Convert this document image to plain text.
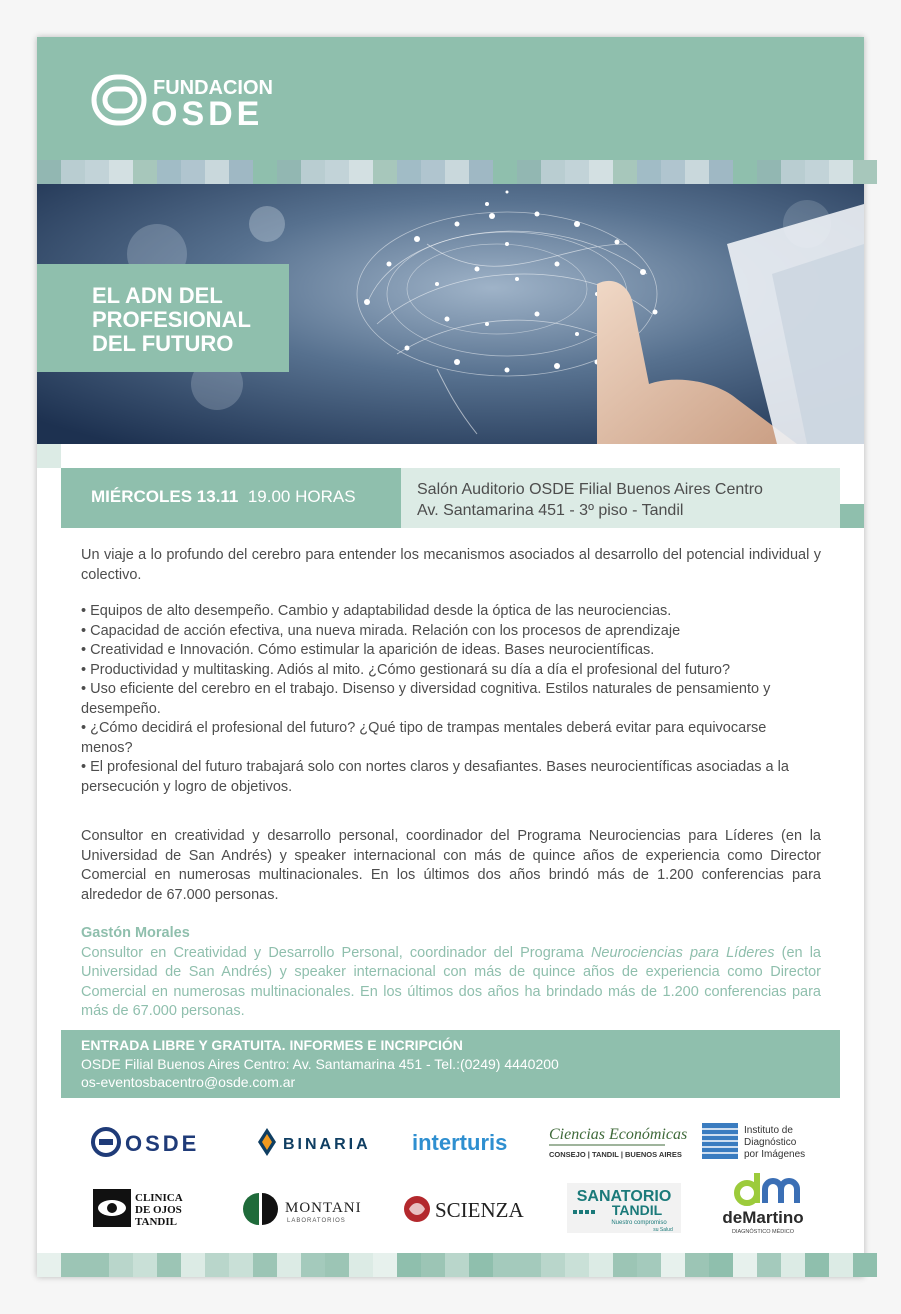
FUNDACION
OSDE
EL ADN DEL
PROFESIONAL
DEL FUTURO
MIÉRCOLES 13.11 19.00 HORAS	Salón Auditorio OSDE Filial Buenos Aires Centro
Av. Santamarina 451 - 3º piso - Tandil
Un viaje a lo profundo del cerebro para entender los mecanismos asociados al desarrollo del potencial individual y colectivo.

• Equipos de alto desempeño. Cambio y adaptabilidad desde la óptica de las neurociencias.

• Capacidad de acción efectiva, una nueva mirada. Relación con los procesos de aprendizaje

• Creatividad e Innovación. Cómo estimular la aparición de ideas. Bases neurocientíficas.

• Productividad y multitasking. Adiós al mito. ¿Cómo gestionará su día a día el profesional del futuro?

• Uso eficiente del cerebro en el trabajo. Disenso y diversidad cognitiva. Estilos naturales de pensamiento y desempeño.

• ¿Cómo decidirá el profesional del futuro? ¿Qué tipo de trampas mentales deberá evitar para equivocarse menos?

• El profesional del futuro trabajará solo con nortes claros y desafiantes. Bases neurocientíficas asociadas a la persecución y logro de objetivos.

Consultor en creatividad y desarrollo personal, coordinador del Programa Neurociencias para Líderes (en la Universidad de San Andrés) y speaker internacional con más de quince años de experiencia como Director Comercial en numerosas multinacionales. En los últimos dos años brindó más de 1.200 conferencias para alrededor de 67.000 personas.
Gastón Morales
Consultor en Creatividad y Desarrollo Personal, coordinador del Programa Neurociencias para Líderes (en la Universidad de San Andrés) y speaker internacional con más de quince años de experiencia como Director Comercial en numerosas multinacionales. En los últimos dos años ha brindado más de 1.200 conferencias para más de 67.000 personas.
ENTRADA LIBRE Y GRATUITA. INFORMES E INCRIPCIÓN
OSDE Filial Buenos Aires Centro: Av. Santamarina 451 - Tel.:(0249) 4440200
os-eventosbacentro@osde.com.ar
OSDE	BINARIA interturis	Ciencias Económicas
CONSEJO | TANDIL | BUENOS AIRES
Instituto de
Diagnóstico
por Imágenes
CLINICA
DE OJOS
TANDIL
MONTANI
LABORATORIOS	SCIENZA
SANATORIO
TANDIL
Nuestro compromiso
su Salud
deMartino
DIAGNÓSTICO MÉDICO
